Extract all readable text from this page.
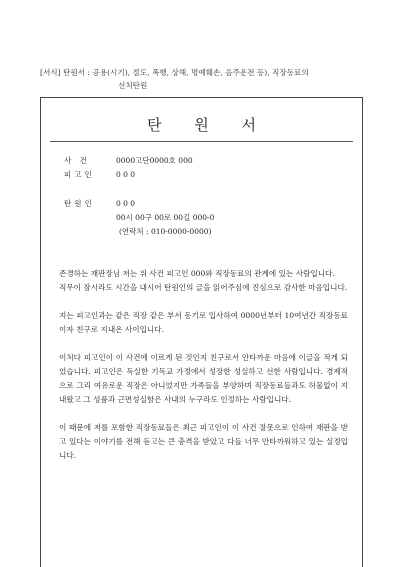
[서식] 탄원서 : 공용(시기), 절도, 폭행, 상해, 명예훼손, 음주운전 등), 직장동료의
선처탄원
탄 원 서
사 건	0000고단0000호 000
피고인	0 0 0
탄원인	0 0 0
00시 00구 00로 00길 000-0
(연락처 : 010-0000-0000)

존경하는 재판장님 저는 위 사건 피고인 000와 직장동료의 관계에 있는 사람입니다.
직무이 잠시라도 시간을 내시어 탄원인의 글을 읽어주심에 진심으로 감사한 마음입니다.

지는 피고인과는 같은 직장 같은 부서 동기로 입사하여 0000년부터 10여년간 직장동료이자 친구로 지내온 사이입니다.

이처다 피고인이 이 사건에 이르게 된 것인지 친구로서 안타까운 마음에 이글을 적게 되었습니다. 피고인은 독실한 기독교 가정에서 성장한 성실하고 선한 사람입니다. 경제적으로 그리 여유로운 직장은 아니었지만 가족들을 부양하며 직장동료들과도 허물없이 지내왔고 그 성품과 근면성실함은 사내의 누구라도 인정하는 사람입니다.

이 때문에 저를 포함한 직장동료들은 최근 피고인이 이 사건 잘못으로 인하여 재판을 받고 있다는 이야기를 전해 듣고는 큰 충격을 받았고 다들 너무 안타까워하고 있는 실정입니다.
